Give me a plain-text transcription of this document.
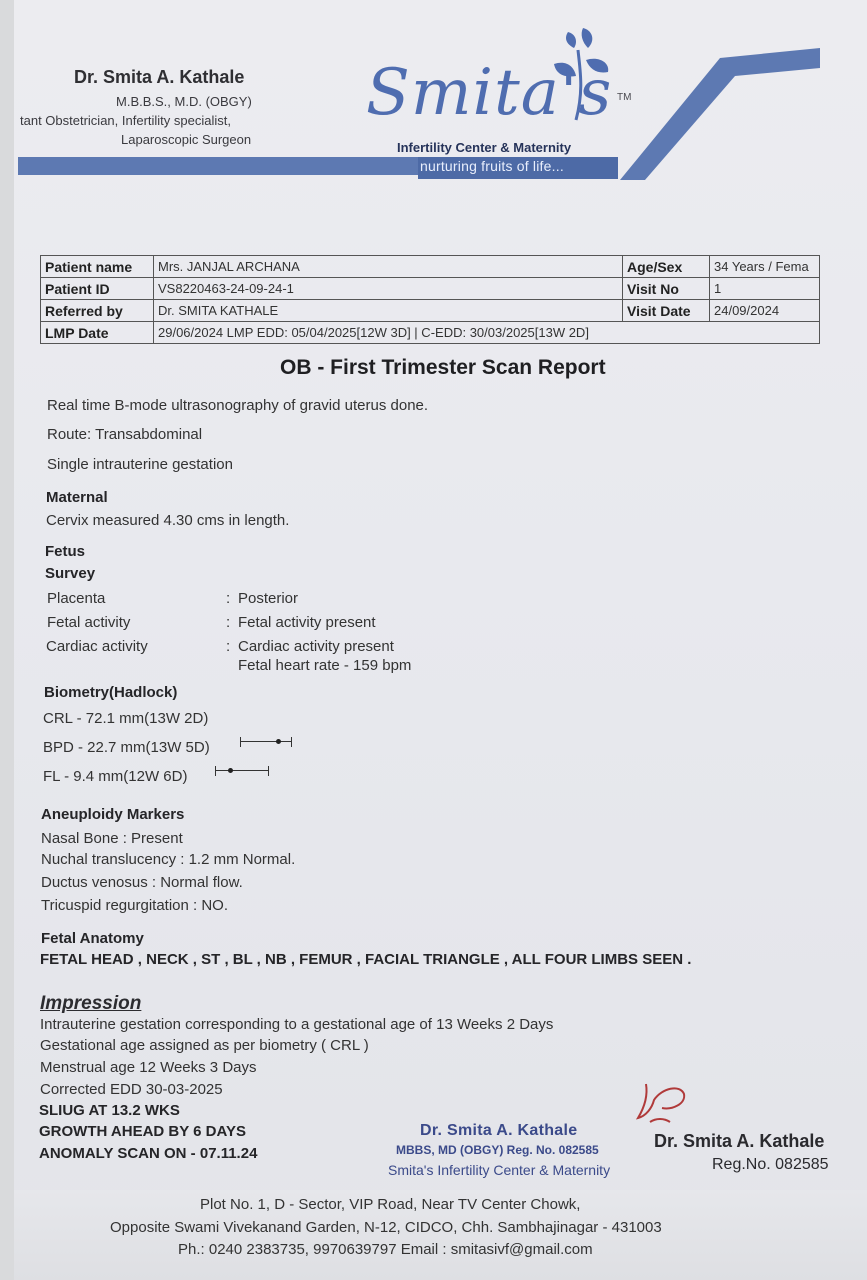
Dr. Smita A. Kathale
M.B.B.S., M.D. (OBGY)
tant Obstetrician, Infertility specialist,
Laparoscopic Surgeon
nurturing fruits of life...
Smita's TM
Infertility Center & Maternity
Patient name	Mrs. JANJAL ARCHANA	Age/Sex	34 Years / Fema
Patient ID	VS8220463-24-09-24-1	Visit No	1
Referred by	Dr. SMITA KATHALE	Visit Date	24/09/2024
LMP Date	29/06/2024 LMP EDD: 05/04/2025[12W 3D] | C-EDD: 30/03/2025[13W 2D]		
OB - First Trimester Scan Report
Real time B-mode ultrasonography of gravid uterus done.
Route: Transabdominal
Single intrauterine gestation
Maternal
Cervix measured 4.30 cms in length.
Fetus
Survey
Placenta	: Posterior
Fetal activity	: Fetal activity present
Cardiac activity	: Cardiac activity present
Fetal heart rate - 159 bpm
Biometry(Hadlock)
CRL - 72.1 mm(13W 2D)
BPD - 22.7 mm(13W 5D)
FL - 9.4 mm(12W 6D)
Aneuploidy Markers
Nasal Bone : Present
Nuchal translucency : 1.2 mm Normal.
Ductus venosus : Normal flow.
Tricuspid regurgitation : NO.
Fetal Anatomy
FETAL HEAD , NECK , ST , BL , NB , FEMUR , FACIAL TRIANGLE , ALL FOUR LIMBS SEEN .
Impression
Intrauterine gestation corresponding to a gestational age of 13 Weeks 2 Days
Gestational age assigned as per biometry ( CRL )
Menstrual age 12 Weeks 3 Days
Corrected EDD 30-03-2025
SLIUG AT 13.2 WKS
GROWTH AHEAD BY 6 DAYS
ANOMALY SCAN ON - 07.11.24
Dr. Smita A. Kathale
MBBS, MD (OBGY) Reg. No. 082585
Smita's Infertility Center & Maternity
Dr. Smita A. Kathale
Reg.No. 082585
Plot No. 1, D - Sector, VIP Road, Near TV Center Chowk,
Opposite Swami Vivekanand Garden, N-12, CIDCO, Chh. Sambhajinagar - 431003
Ph.: 0240 2383735, 9970639797 Email : smitasivf@gmail.com
